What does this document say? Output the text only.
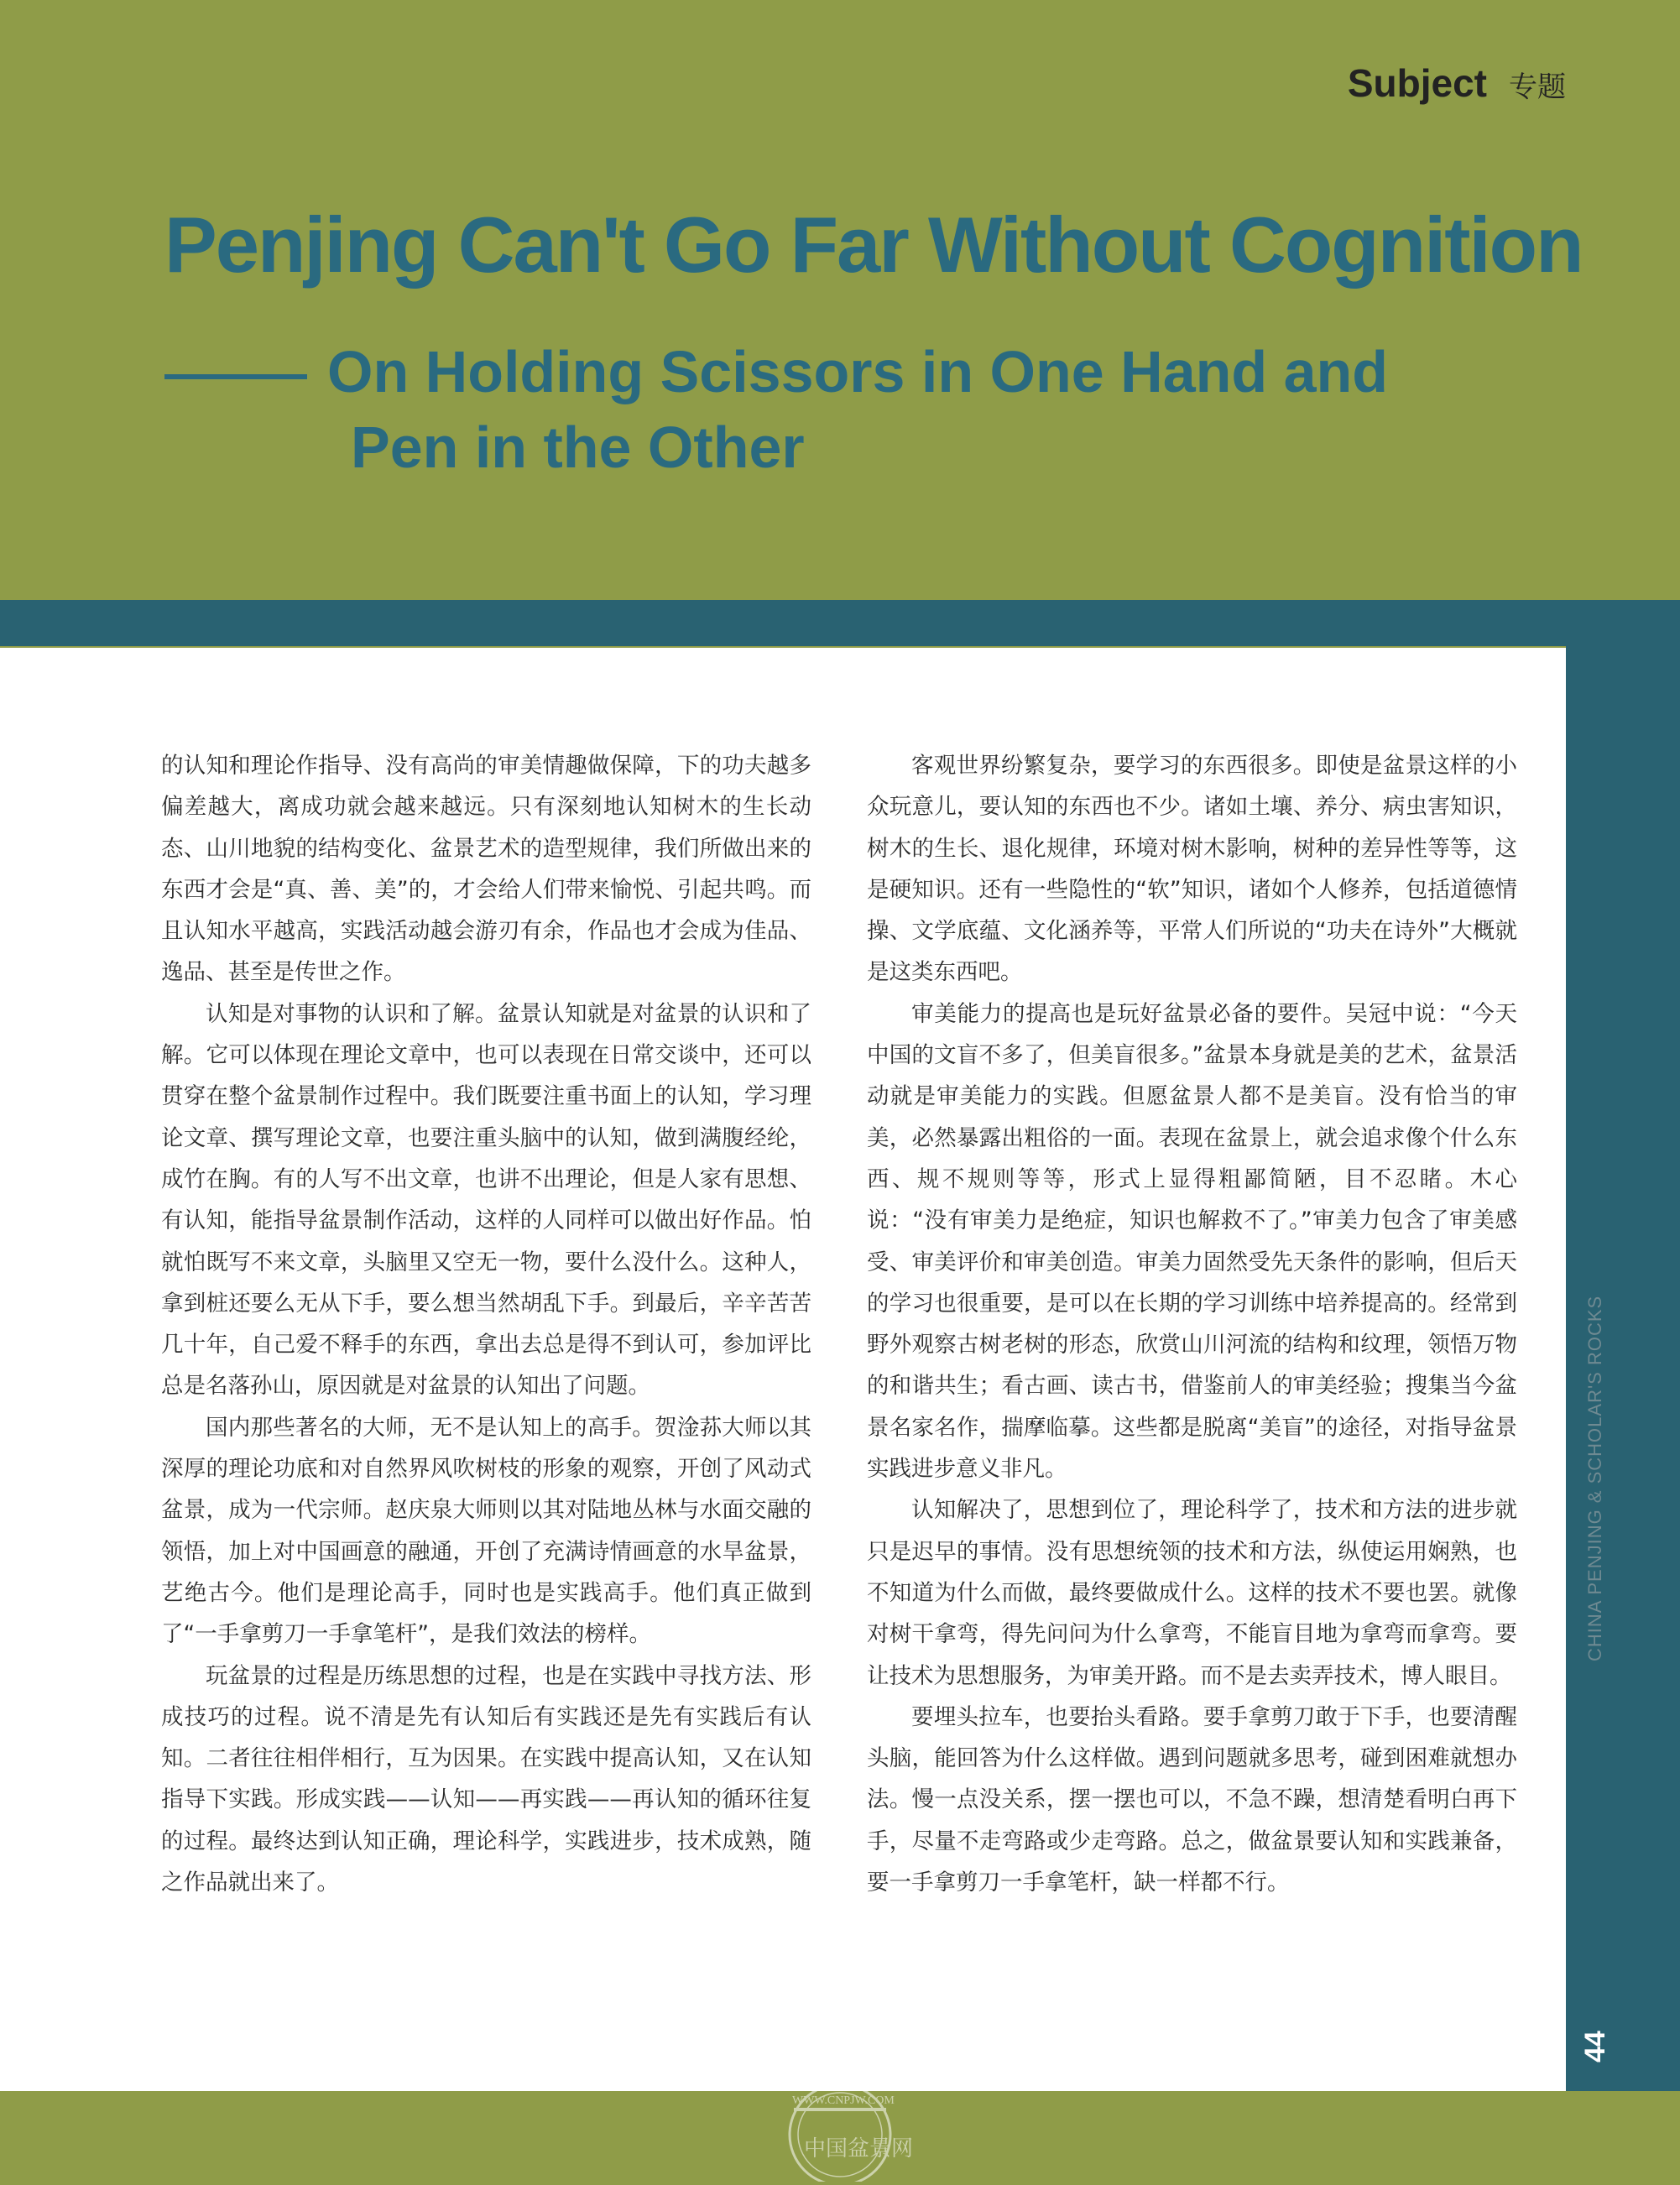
Subject 专题
Penjing Can't Go Far Without Cognition
On Holding Scissors in One Hand and
Pen in the Other

的认知和理论作指导、没有高尚的审美情趣做保障，下的功夫越多偏差越大，离成功就会越来越远。只有深刻地认知树木的生长动态、山川地貌的结构变化、盆景艺术的造型规律，我们所做出来的东西才会是“真、善、美”的，才会给人们带来愉悦、引起共鸣。而且认知水平越高，实践活动越会游刃有余，作品也才会成为佳品、逸品、甚至是传世之作。

认知是对事物的认识和了解。盆景认知就是对盆景的认识和了解。它可以体现在理论文章中，也可以表现在日常交谈中，还可以贯穿在整个盆景制作过程中。我们既要注重书面上的认知，学习理论文章、撰写理论文章，也要注重头脑中的认知，做到满腹经纶，成竹在胸。有的人写不出文章，也讲不出理论，但是人家有思想、有认知，能指导盆景制作活动，这样的人同样可以做出好作品。怕就怕既写不来文章，头脑里又空无一物，要什么没什么。这种人，拿到桩还要么无从下手，要么想当然胡乱下手。到最后，辛辛苦苦几十年，自己爱不释手的东西，拿出去总是得不到认可，参加评比总是名落孙山，原因就是对盆景的认知出了问题。

国内那些著名的大师，无不是认知上的高手。贺淦荪大师以其深厚的理论功底和对自然界风吹树枝的形象的观察，开创了风动式盆景，成为一代宗师。赵庆泉大师则以其对陆地丛林与水面交融的领悟，加上对中国画意的融通，开创了充满诗情画意的水旱盆景，艺绝古今。他们是理论高手，同时也是实践高手。他们真正做到了“一手拿剪刀一手拿笔杆”，是我们效法的榜样。

玩盆景的过程是历练思想的过程，也是在实践中寻找方法、形成技巧的过程。说不清是先有认知后有实践还是先有实践后有认知。二者往往相伴相行，互为因果。在实践中提高认知，又在认知指导下实践。形成实践——认知——再实践——再认知的循环往复的过程。最终达到认知正确，理论科学，实践进步，技术成熟，随之作品就出来了。

客观世界纷繁复杂，要学习的东西很多。即使是盆景这样的小众玩意儿，要认知的东西也不少。诸如土壤、养分、病虫害知识，树木的生长、退化规律，环境对树木影响，树种的差异性等等，这是硬知识。还有一些隐性的“软”知识，诸如个人修养，包括道德情操、文学底蕴、文化涵养等，平常人们所说的“功夫在诗外”大概就是这类东西吧。

审美能力的提高也是玩好盆景必备的要件。吴冠中说：“今天中国的文盲不多了，但美盲很多。”盆景本身就是美的艺术，盆景活动就是审美能力的实践。但愿盆景人都不是美盲。没有恰当的审美，必然暴露出粗俗的一面。表现在盆景上，就会追求像个什么东西、规不规则等等，形式上显得粗鄙简陋，目不忍睹。木心说：“没有审美力是绝症，知识也解救不了。”审美力包含了审美感受、审美评价和审美创造。审美力固然受先天条件的影响，但后天的学习也很重要，是可以在长期的学习训练中培养提高的。经常到野外观察古树老树的形态，欣赏山川河流的结构和纹理，领悟万物的和谐共生；看古画、读古书，借鉴前人的审美经验；搜集当今盆景名家名作，揣摩临摹。这些都是脱离“美盲”的途径，对指导盆景实践进步意义非凡。

认知解决了，思想到位了，理论科学了，技术和方法的进步就只是迟早的事情。没有思想统领的技术和方法，纵使运用娴熟，也不知道为什么而做，最终要做成什么。这样的技术不要也罢。就像对树干拿弯，得先问问为什么拿弯，不能盲目地为拿弯而拿弯。要让技术为思想服务，为审美开路。而不是去卖弄技术，博人眼目。

要埋头拉车，也要抬头看路。要手拿剪刀敢于下手，也要清醒头脑，能回答为什么这样做。遇到问题就多思考，碰到困难就想办法。慢一点没关系，摆一摆也可以，不急不躁，想清楚看明白再下手，尽量不走弯路或少走弯路。总之，做盆景要认知和实践兼备，要一手拿剪刀一手拿笔杆，缺一样都不行。

CHINA PENJING & SCHOLAR'S ROCKS
44
WWW.CNPJW.COM
中国盆景网
